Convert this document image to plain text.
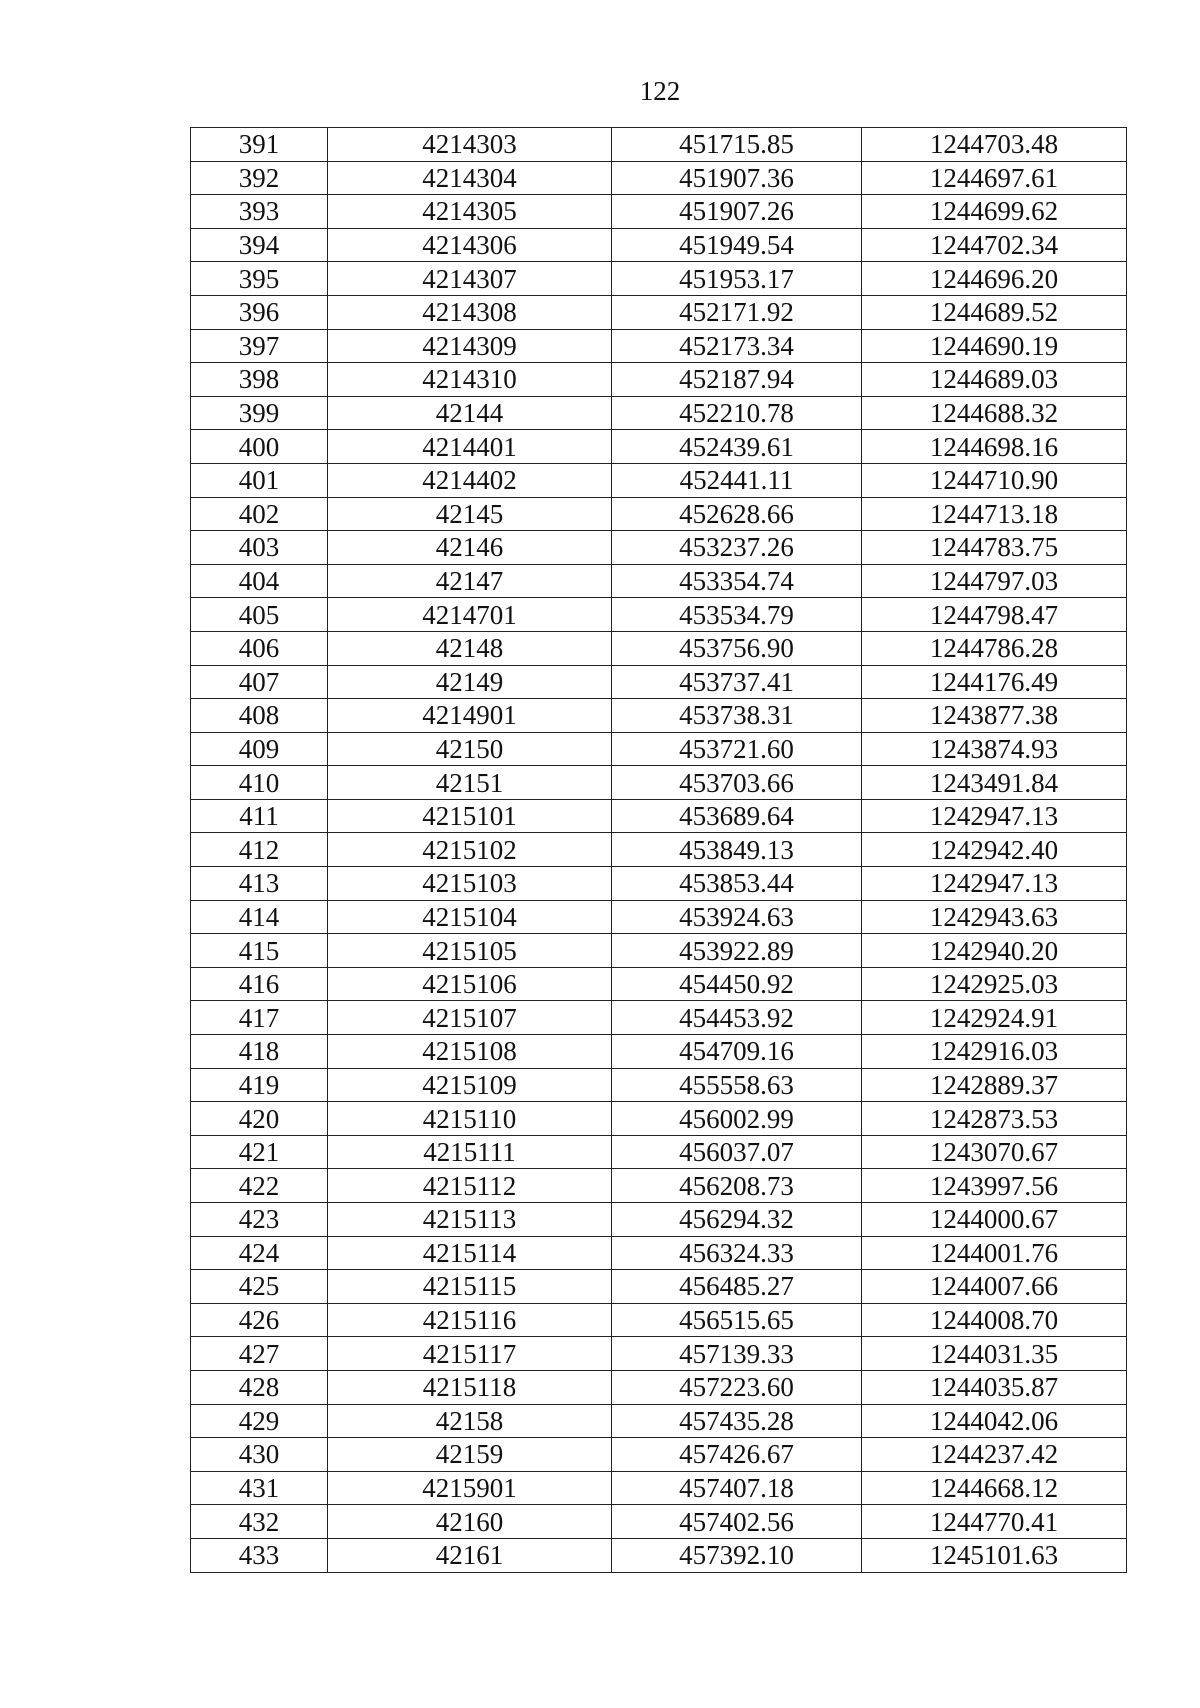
122
391	4214303	451715.85	1244703.48
392	4214304	451907.36	1244697.61
393	4214305	451907.26	1244699.62
394	4214306	451949.54	1244702.34
395	4214307	451953.17	1244696.20
396	4214308	452171.92	1244689.52
397	4214309	452173.34	1244690.19
398	4214310	452187.94	1244689.03
399	42144	452210.78	1244688.32
400	4214401	452439.61	1244698.16
401	4214402	452441.11	1244710.90
402	42145	452628.66	1244713.18
403	42146	453237.26	1244783.75
404	42147	453354.74	1244797.03
405	4214701	453534.79	1244798.47
406	42148	453756.90	1244786.28
407	42149	453737.41	1244176.49
408	4214901	453738.31	1243877.38
409	42150	453721.60	1243874.93
410	42151	453703.66	1243491.84
411	4215101	453689.64	1242947.13
412	4215102	453849.13	1242942.40
413	4215103	453853.44	1242947.13
414	4215104	453924.63	1242943.63
415	4215105	453922.89	1242940.20
416	4215106	454450.92	1242925.03
417	4215107	454453.92	1242924.91
418	4215108	454709.16	1242916.03
419	4215109	455558.63	1242889.37
420	4215110	456002.99	1242873.53
421	4215111	456037.07	1243070.67
422	4215112	456208.73	1243997.56
423	4215113	456294.32	1244000.67
424	4215114	456324.33	1244001.76
425	4215115	456485.27	1244007.66
426	4215116	456515.65	1244008.70
427	4215117	457139.33	1244031.35
428	4215118	457223.60	1244035.87
429	42158	457435.28	1244042.06
430	42159	457426.67	1244237.42
431	4215901	457407.18	1244668.12
432	42160	457402.56	1244770.41
433	42161	457392.10	1245101.63
